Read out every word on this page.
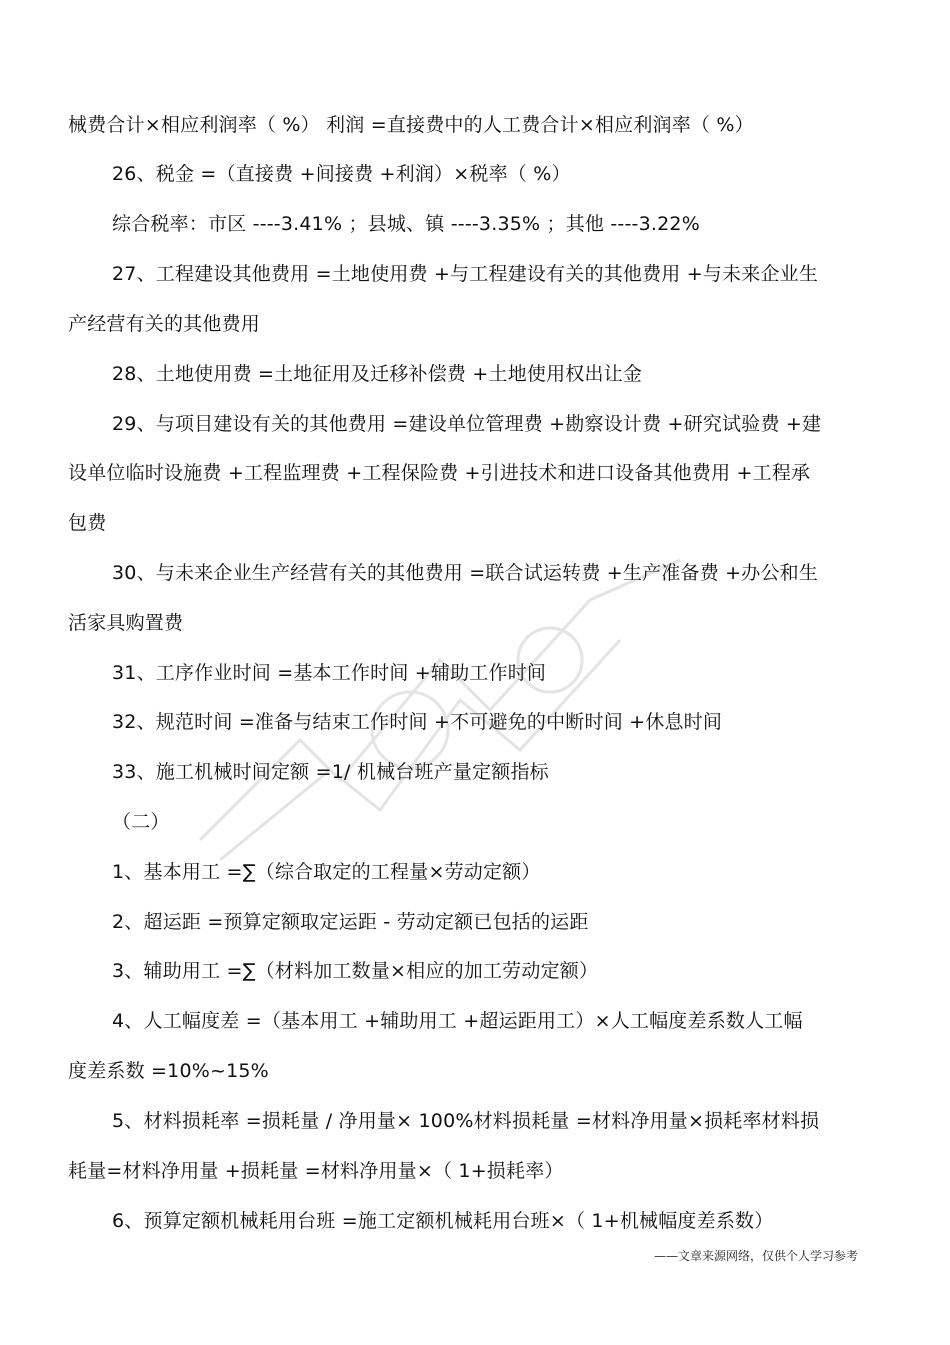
械费合计×相应利润率（ %） 利润 =直接费中的人工费合计×相应利润率（ %）
26、税金 =（直接费 +间接费 +利润）×税率（ %）
综合税率：市区 ----3.41% ；县城、镇 ----3.35% ；其他 ----3.22%
27、工程建设其他费用 =土地使用费 +与工程建设有关的其他费用 +与未来企业生
产经营有关的其他费用
28、土地使用费 =土地征用及迁移补偿费 +土地使用权出让金
29、与项目建设有关的其他费用 =建设单位管理费 +勘察设计费 +研究试验费 +建
设单位临时设施费 +工程监理费 +工程保险费 +引进技术和进口设备其他费用 +工程承
包费
30、与未来企业生产经营有关的其他费用 =联合试运转费 +生产准备费 +办公和生
活家具购置费
31、工序作业时间 =基本工作时间 +辅助工作时间
32、规范时间 =准备与结束工作时间 +不可避免的中断时间 +休息时间
33、施工机械时间定额 =1/ 机械台班产量定额指标
（二）
1、基本用工 =∑（综合取定的工程量×劳动定额）
2、超运距 =预算定额取定运距 - 劳动定额已包括的运距
3、辅助用工 =∑（材料加工数量×相应的加工劳动定额）
4、人工幅度差 =（基本用工 +辅助用工 +超运距用工）×人工幅度差系数人工幅
度差系数 =10%~15%
5、材料损耗率 =损耗量 / 净用量× 100%材料损耗量 =材料净用量×损耗率材料损
耗量=材料净用量 +损耗量 =材料净用量×（ 1+损耗率）
6、预算定额机械耗用台班 =施工定额机械耗用台班×（ 1+机械幅度差系数）
——文章来源网络，仅供个人学习参考
